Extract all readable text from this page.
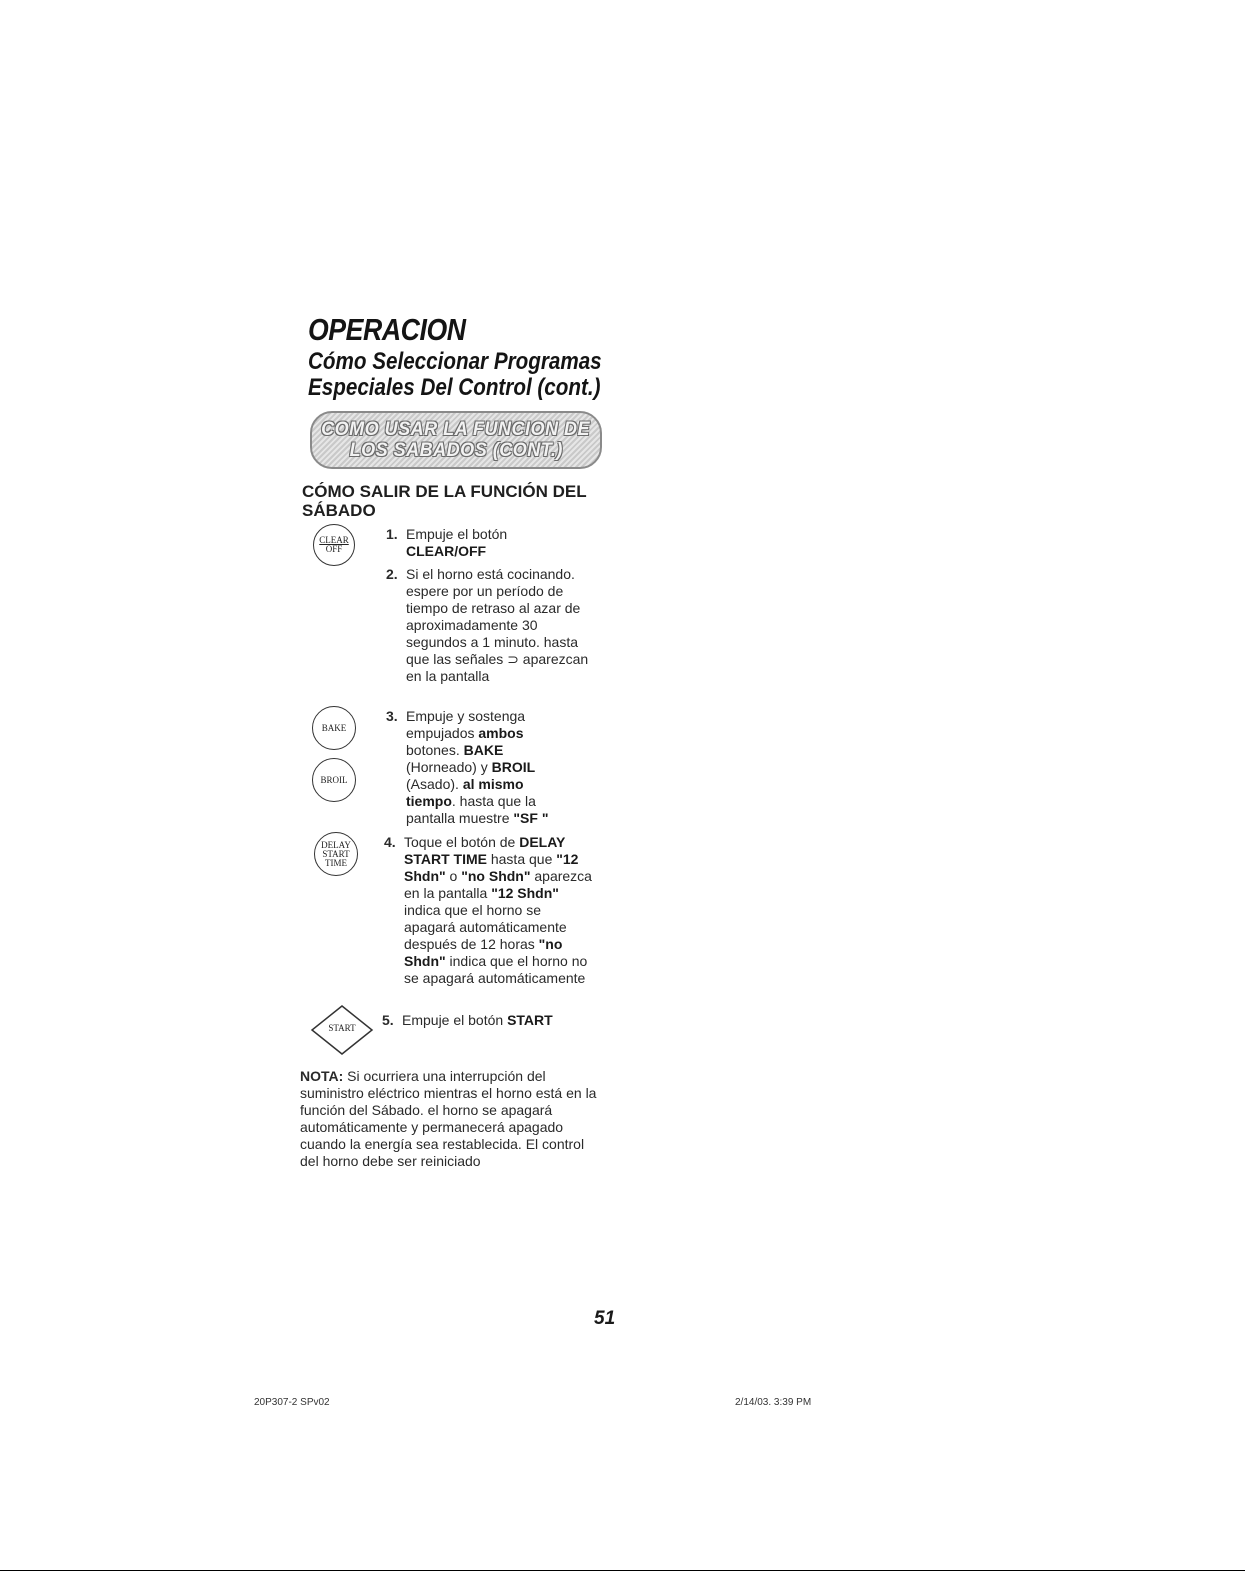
OPERACION
Cómo Seleccionar Programas
Especiales Del Control (cont.)
COMO USAR LA FUNCION DE
LOS SABADOS (CONT.)
CÓMO SALIR DE LA FUNCIÓN DEL SÁBADO
CLEAR
OFF
BAKE
BROIL
DELAY
START
TIME
START
1. Empuje el botón
CLEAR/OFF
2. Si el horno está cocinando. espere por un período de tiempo de retraso al azar de aproximadamente 30 segundos a 1 minuto. hasta que las señales ⊃ aparezcan en la pantalla
3. Empuje y sostenga empujados ambos botones. BAKE (Horneado) y BROIL (Asado). al mismo tiempo. hasta que la pantalla muestre "SF "
4. Toque el botón de DELAY START TIME hasta que "12 Shdn" o "no Shdn" aparezca en la pantalla "12 Shdn" indica que el horno se apagará automáticamente después de 12 horas "no Shdn" indica que el horno no se apagará automáticamente
5. Empuje el botón START
NOTA: Si ocurriera una interrupción del suministro eléctrico mientras el horno está en la función del Sábado. el horno se apagará automáticamente y permanecerá apagado cuando la energía sea restablecida. El control del horno debe ser reiniciado
51
20P307-2 SPv02	2/14/03. 3:39 PM
